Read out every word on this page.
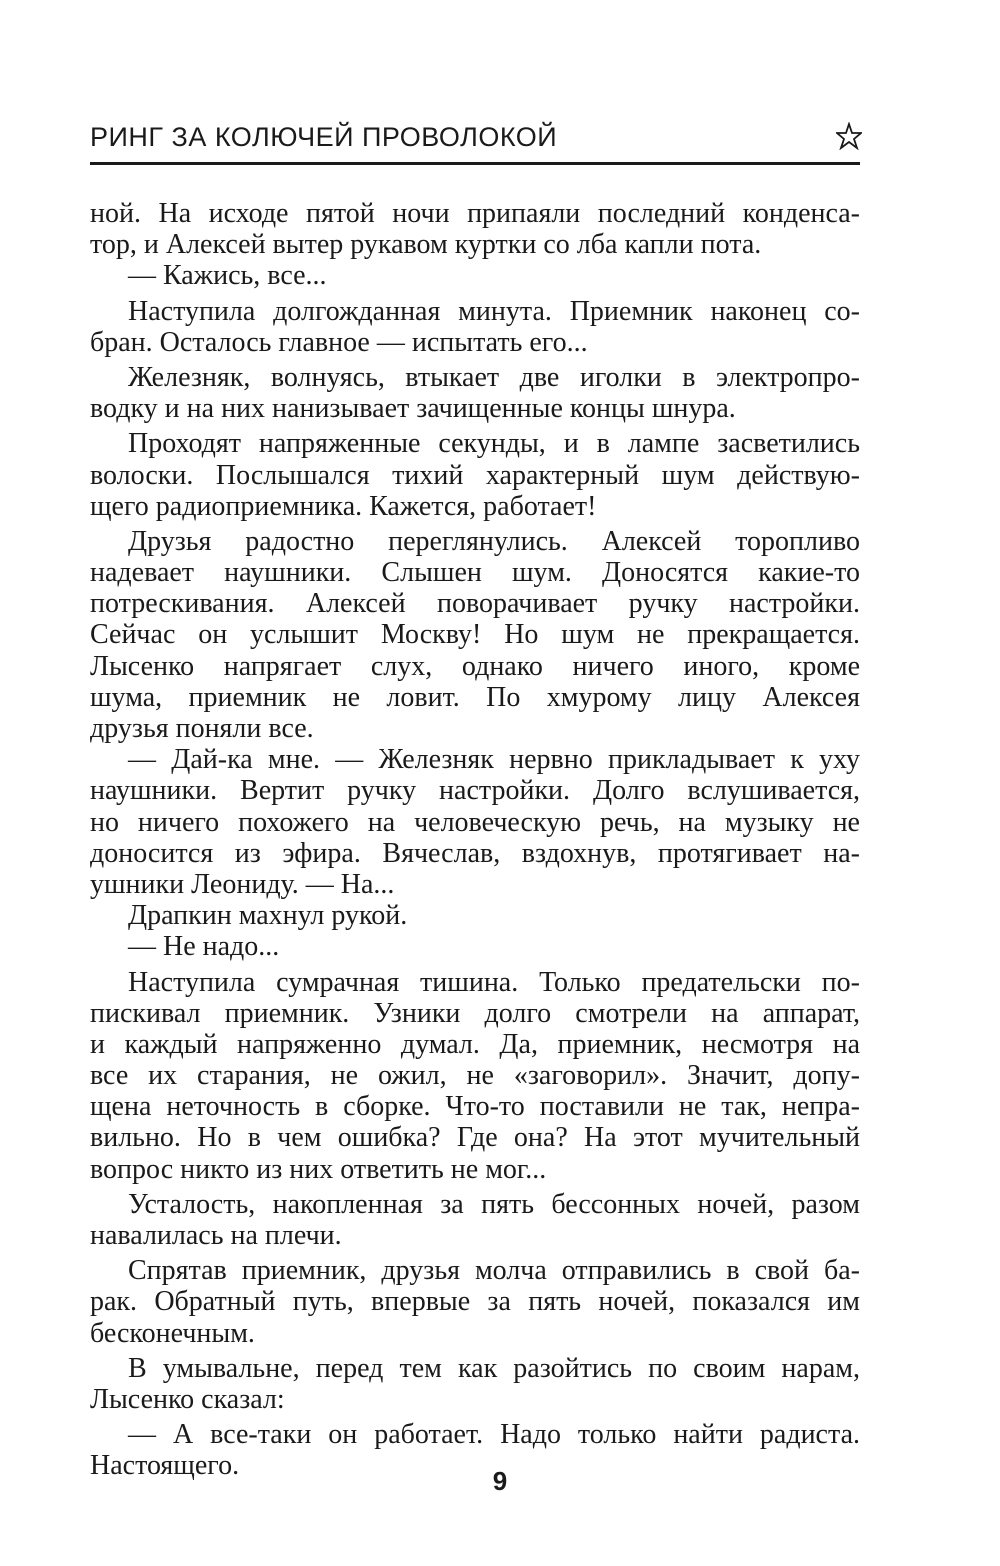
РИНГ ЗА КОЛЮЧЕЙ ПРОВОЛОКОЙ
ной. На исходе пятой ночи припаяли последний конденса-
тор, и Алексей вытер рукавом куртки со лба капли пота.
— Кажись, все...
Наступила долгожданная минута. Приемник наконец со-
бран. Осталось главное — испытать его...
Железняк, волнуясь, втыкает две иголки в электропро-
водку и на них нанизывает зачищенные концы шнура.
Проходят напряженные секунды, и в лампе засветились
волоски. Послышался тихий характерный шум действую-
щего радиоприемника. Кажется, работает!
Друзья радостно переглянулись. Алексей торопливо
надевает наушники. Слышен шум. Доносятся какие-то
потрескивания. Алексей поворачивает ручку настройки.
Сейчас он услышит Москву! Но шум не прекращается.
Лысенко напрягает слух, однако ничего иного, кроме
шума, приемник не ловит. По хмурому лицу Алексея
друзья поняли все.
— Дай-ка мне. — Железняк нервно прикладывает к уху
наушники. Вертит ручку настройки. Долго вслушивается,
но ничего похожего на человеческую речь, на музыку не
доносится из эфира. Вячеслав, вздохнув, протягивает на-
ушники Леониду. — На...
Драпкин махнул рукой.
— Не надо...
Наступила сумрачная тишина. Только предательски по-
пискивал приемник. Узники долго смотрели на аппарат,
и каждый напряженно думал. Да, приемник, несмотря на
все их старания, не ожил, не «заговорил». Значит, допу-
щена неточность в сборке. Что-то поставили не так, непра-
вильно. Но в чем ошибка? Где она? На этот мучительный
вопрос никто из них ответить не мог...
Усталость, накопленная за пять бессонных ночей, разом
навалилась на плечи.
Спрятав приемник, друзья молча отправились в свой ба-
рак. Обратный путь, впервые за пять ночей, показался им
бесконечным.
В умывальне, перед тем как разойтись по своим нарам,
Лысенко сказал:
— А все-таки он работает. Надо только найти радиста.
Настоящего.	9
